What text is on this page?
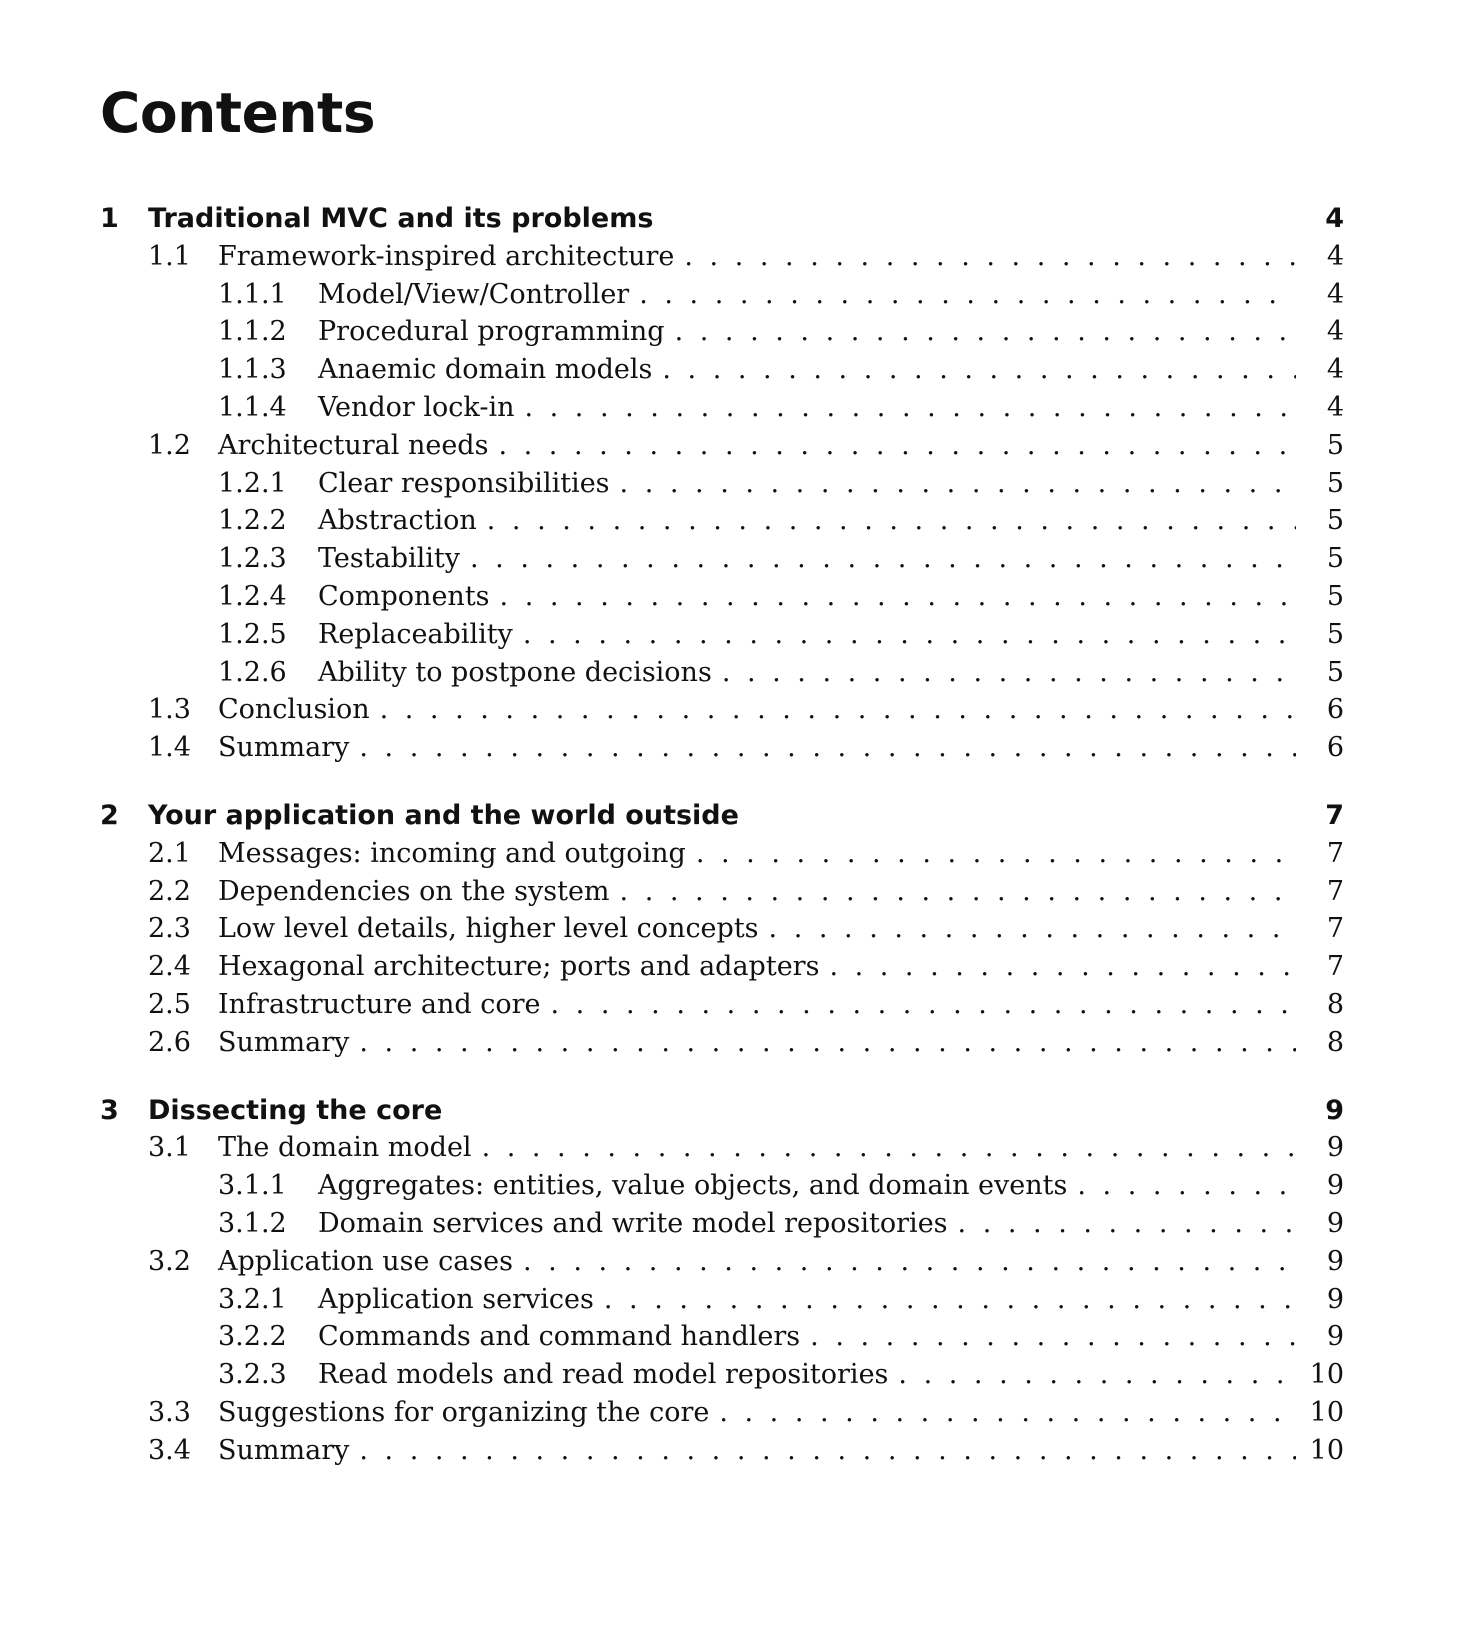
Contents
1	Traditional MVC and its problems	4
1.1	Framework-inspired architecture . . .	4
1.1.1	Model/View/Controller . . .	4
1.1.2	Procedural programming . . .	4
1.1.3	Anaemic domain models . . .	4
1.1.4	Vendor lock-in . . .	4
1.2	Architectural needs . . .	5
1.2.1	Clear responsibilities . . .	5
1.2.2	Abstraction . . .	5
1.2.3	Testability . . .	5
1.2.4	Components . . .	5
1.2.5	Replaceability . . .	5
1.2.6	Ability to postpone decisions . . .	5
1.3	Conclusion . . .	6
1.4	Summary . . .	6
2	Your application and the world outside	7
2.1	Messages: incoming and outgoing . . .	7
2.2	Dependencies on the system . . .	7
2.3	Low level details, higher level concepts . . .	7
2.4	Hexagonal architecture; ports and adapters . . .	7
2.5	Infrastructure and core . . .	8
2.6	Summary . . .	8
3	Dissecting the core	9
3.1	The domain model . . .	9
3.1.1	Aggregates: entities, value objects, and domain events . . .	9
3.1.2	Domain services and write model repositories . . .	9
3.2	Application use cases . . .	9
3.2.1	Application services . . .	9
3.2.2	Commands and command handlers . . .	9
3.2.3	Read models and read model repositories . . .	10
3.3	Suggestions for organizing the core . . .	10
3.4	Summary . . .	10
